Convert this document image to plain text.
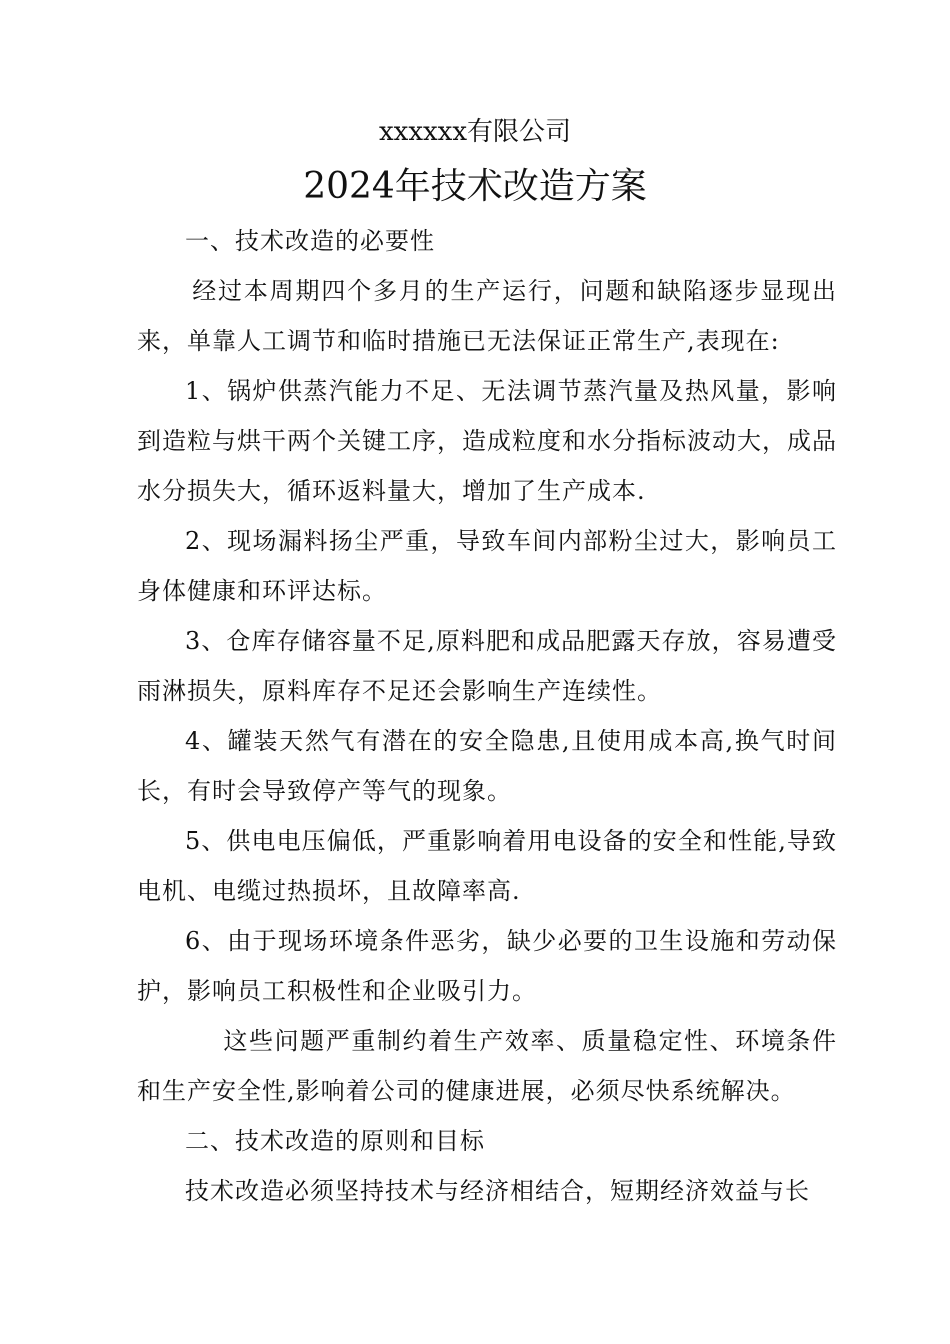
xxxxxx有限公司
2024年技术改造方案

一、技术改造的必要性

经过本周期四个多月的生产运行，问题和缺陷逐步显现出来，单靠人工调节和临时措施已无法保证正常生产,表现在:

1、锅炉供蒸汽能力不足、无法调节蒸汽量及热风量，影响到造粒与烘干两个关键工序，造成粒度和水分指标波动大，成品水分损失大，循环返料量大，增加了生产成本.

2、现场漏料扬尘严重，导致车间内部粉尘过大，影响员工身体健康和环评达标。

3、仓库存储容量不足,原料肥和成品肥露天存放，容易遭受雨淋损失，原料库存不足还会影响生产连续性。

4、罐装天然气有潜在的安全隐患,且使用成本高,换气时间长，有时会导致停产等气的现象。

5、供电电压偏低，严重影响着用电设备的安全和性能,导致电机、电缆过热损坏，且故障率高.

6、由于现场环境条件恶劣，缺少必要的卫生设施和劳动保护，影响员工积极性和企业吸引力。

这些问题严重制约着生产效率、质量稳定性、环境条件和生产安全性,影响着公司的健康进展，必须尽快系统解决。

二、技术改造的原则和目标

技术改造必须坚持技术与经济相结合，短期经济效益与长
